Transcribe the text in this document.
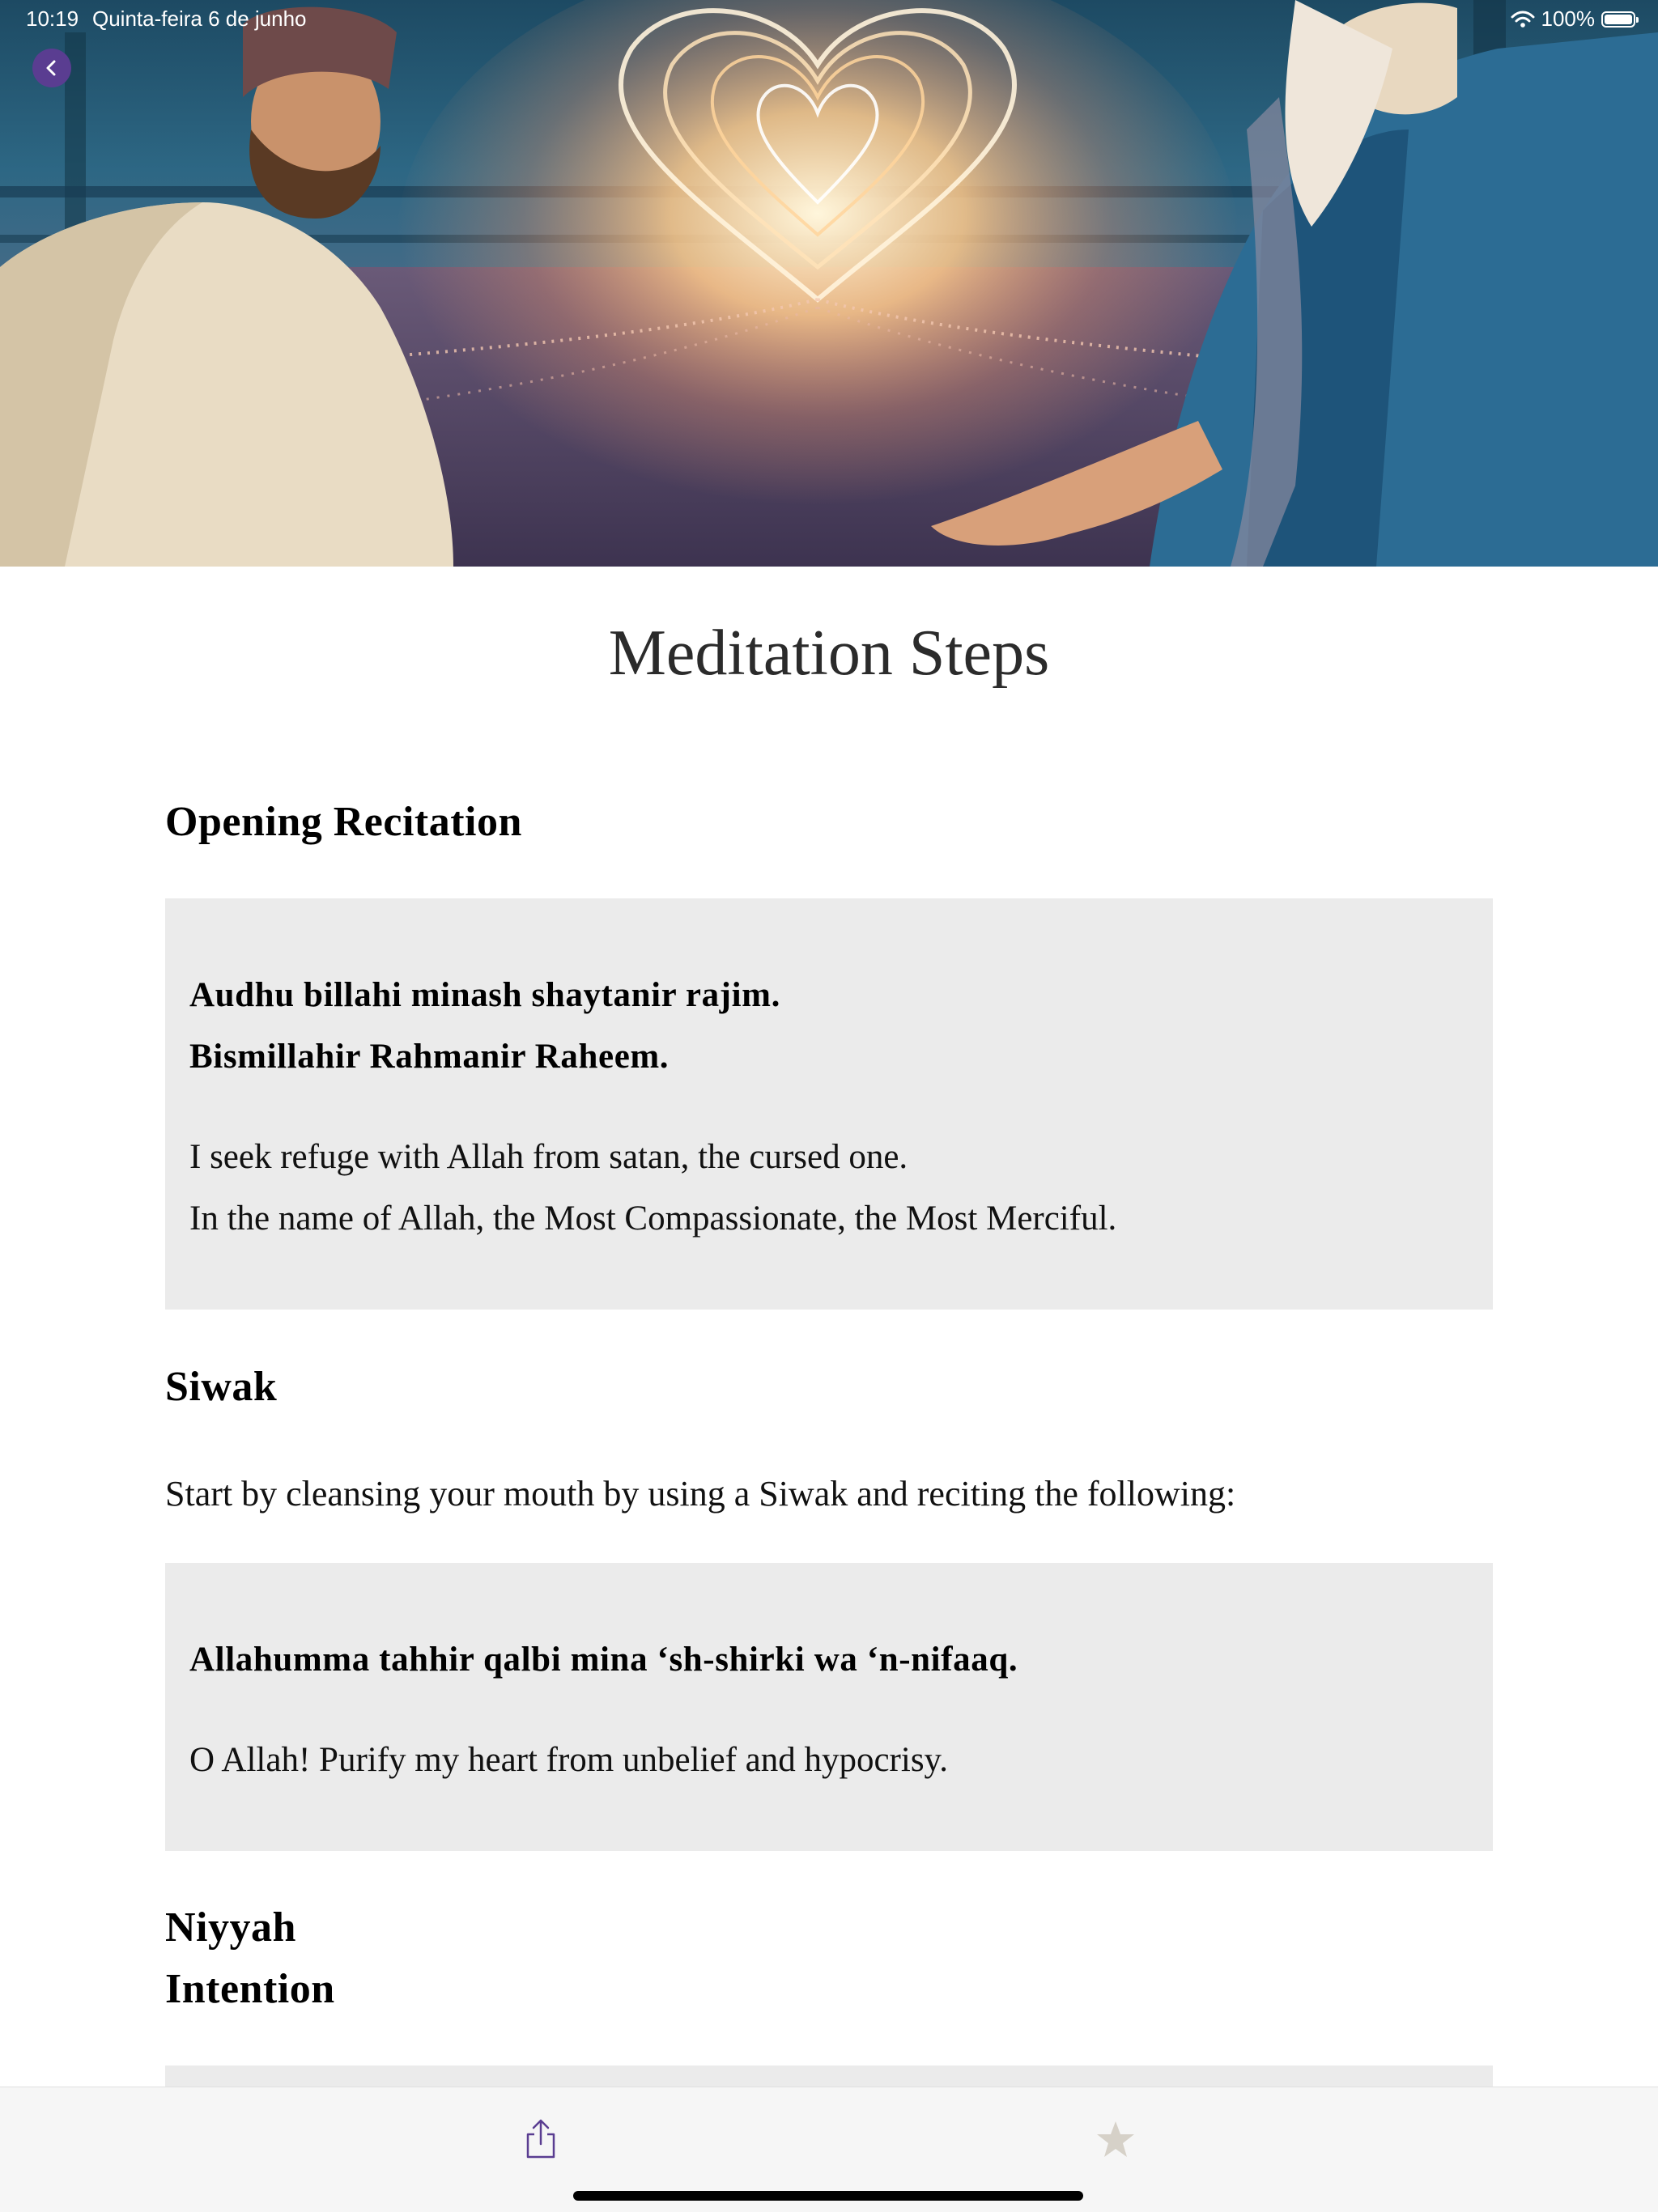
10:19 Quinta-feira 6 de junho	100%
Meditation Steps
Opening Recitation

Audhu billahi minash shaytanir rajim.

Bismillahir Rahmanir Raheem.

I seek refuge with Allah from satan, the cursed one.

In the name of Allah, the Most Compassionate, the Most Merciful.

Siwak

Start by cleansing your mouth by using a Siwak and reciting the following:

Allahumma tahhir qalbi mina ‘sh-shirki wa ‘n-nifaaq.

O Allah! Purify my heart from unbelief and hypocrisy.

Niyyah
Intention
